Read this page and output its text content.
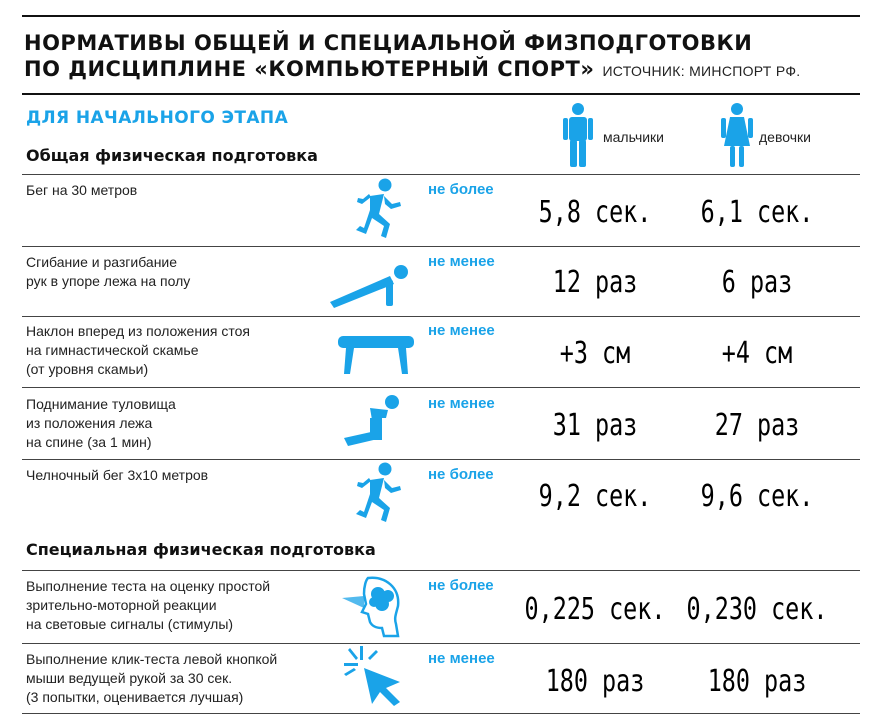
НОРМАТИВЫ ОБЩЕЙ И СПЕЦИАЛЬНОЙ ФИЗПОДГОТОВКИ
ПО ДИСЦИПЛИНЕ «КОМПЬЮТЕРНЫЙ СПОРТ» ИСТОЧНИК: МИНСПОРТ РФ.
ДЛЯ НАЧАЛЬНОГО ЭТАПА
мальчики	девочки
Общая физическая подготовка
Бег на 30 метров	не более
5,8 сек.	6,1 сек.
Сгибание и разгибание
рук в упоре лежа на полу
не менее
12 раз	6 раз
Наклон вперед из положения стоя
на гимнастической скамье
(от уровня скамьи)
не менее
+3 см	+4 см
Поднимание туловища
из положения лежа
на спине (за 1 мин)
не менее
31 раз	27 раз
Челночный бег 3х10 метров	не более
9,2 сек.	9,6 сек.
Специальная физическая подготовка
Выполнение теста на оценку простой
зрительно-моторной реакции
на световые сигналы (стимулы)
не более
0,225 сек. 0,230 сек.
Выполнение клик-теста левой кнопкой
мыши ведущей рукой за 30 сек.
(3 попытки, оценивается лучшая)
не менее
180 раз	180 раз
